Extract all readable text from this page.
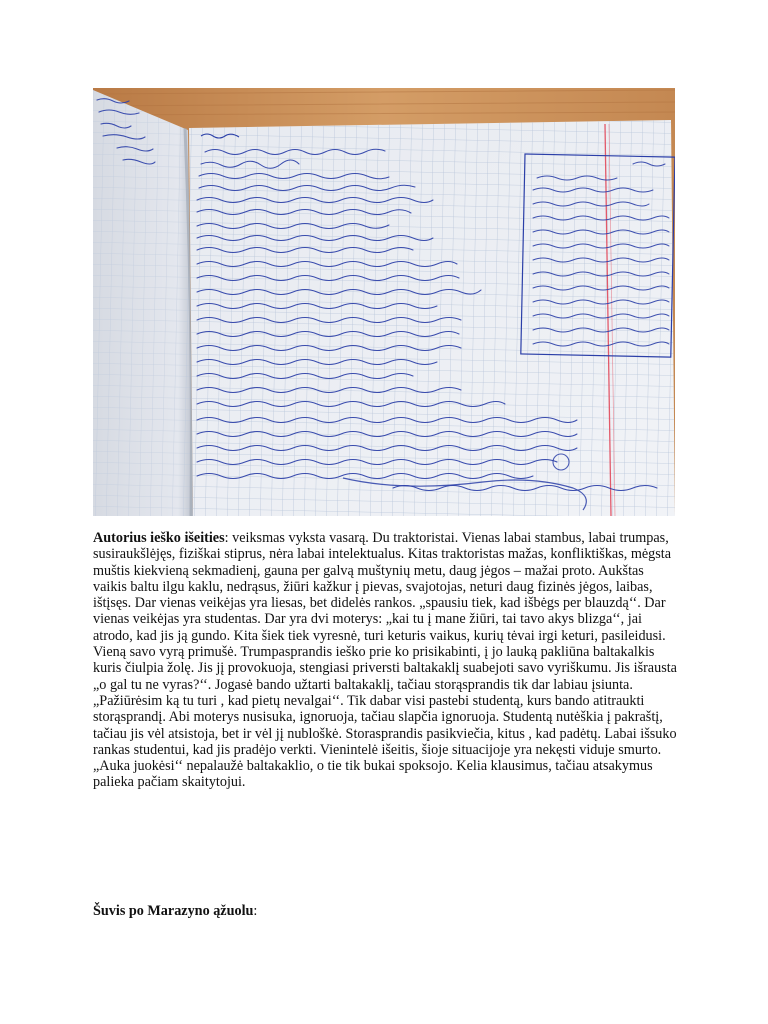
Autorius ieško išeities: veiksmas vyksta vasarą. Du traktoristai. Vienas labai stambus, labai trumpas, susiraukšlėjęs, fiziškai stiprus, nėra labai intelektualus. Kitas traktoristas mažas, konfliktiškas, mėgsta muštis kiekvieną sekmadienį, gauna per galvą muštynių metu, daug jėgos – mažai proto. Aukštas vaikis baltu ilgu kaklu, nedrąsus, žiūri kažkur į pievas, svajotojas, neturi daug fizinės jėgos, laibas, ištįsęs. Dar vienas veikėjas yra liesas, bet didelės rankos. „spausiu tiek, kad išbėgs per blauzdą‘‘. Dar vienas veikėjas yra studentas. Dar yra dvi moterys: „kai tu į mane žiūri, tai tavo akys blizga‘‘, jai atrodo, kad jis ją gundo. Kita šiek tiek vyresnė, turi keturis vaikus, kurių tėvai irgi keturi, pasileidusi. Vieną savo vyrą primušė. Trumpasprandis ieško prie ko prisikabinti, į jo lauką pakliūna baltakalkis kuris čiulpia žolę. Jis jį provokuoja, stengiasi priversti baltakaklį suabejoti savo vyriškumu. Jis išrausta „o gal tu ne vyras?‘‘. Jogasė bando užtarti baltakaklį, tačiau storąsprandis tik dar labiau įsiunta. „Pažiūrėsim ką tu turi , kad pietų nevalgai‘‘. Tik dabar visi pastebi studentą, kurs bando atitraukti storąsprandį. Abi moterys nusisuka, ignoruoja, tačiau slapčia ignoruoja. Studentą nutėškia į pakraštį, tačiau jis vėl atsistoja, bet ir vėl jį nubloškė. Storasprandis pasikviečia, kitus , kad padėtų. Labai išsuko rankas studentui, kad jis pradėjo verkti. Vienintelė išeitis, šioje situacijoje yra nekęsti viduje smurto. „Auka juokėsi‘‘ nepalaužė baltakaklio, o tie tik bukai spoksojo. Kelia klausimus, tačiau atsakymus palieka pačiam skaitytojui.
Šuvis po Marazyno ąžuolu:
